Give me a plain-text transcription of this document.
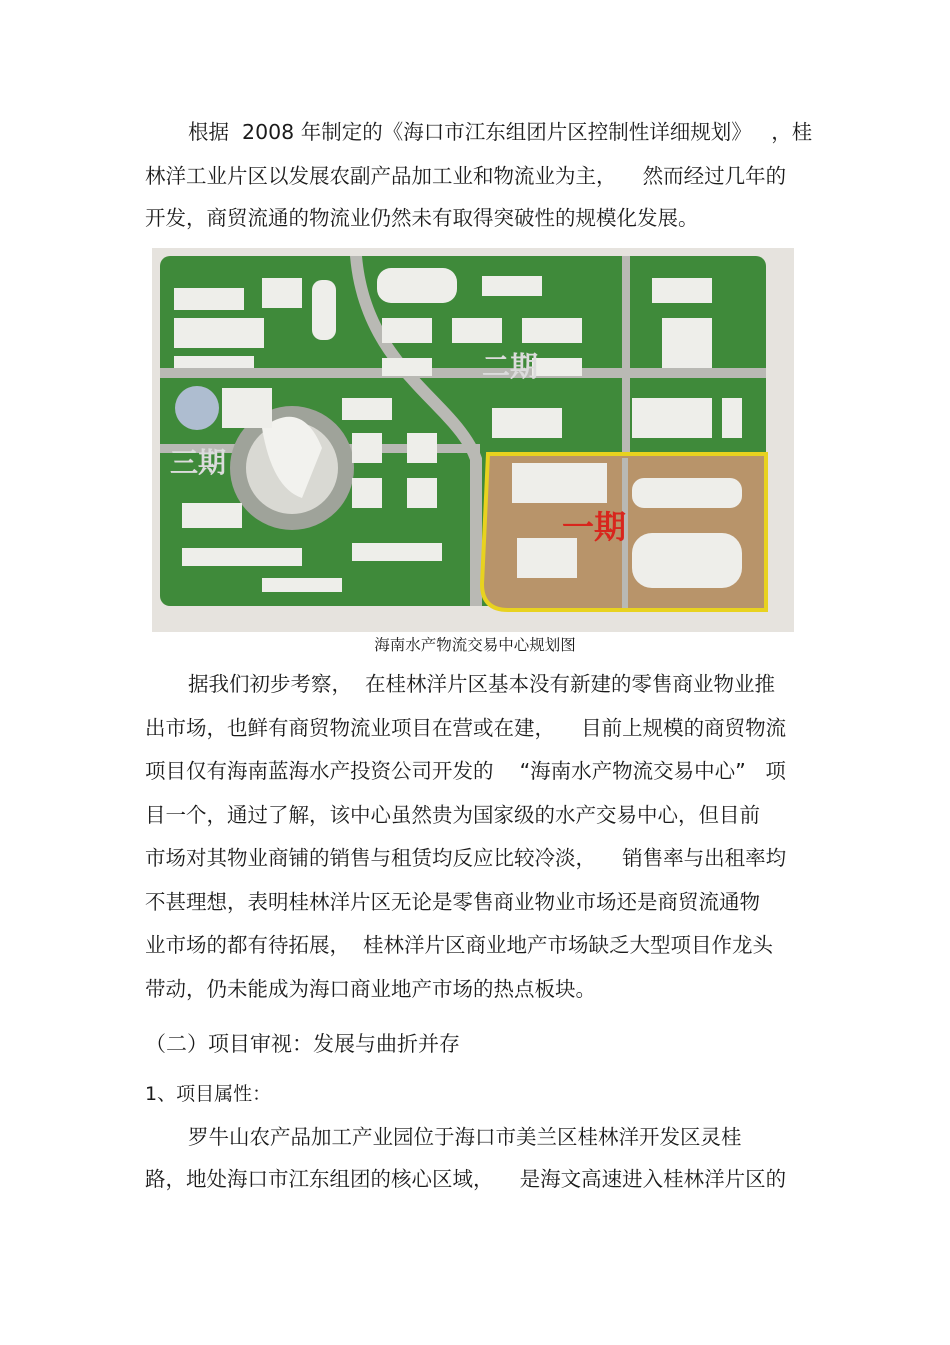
根据  2008 年制定的《海口市江东组团片区控制性详细规划》   ，桂
林洋工业片区以发展农副产品加工业和物流业为主，    然而经过几年的
开发，商贸流通的物流业仍然未有取得突破性的规模化发展。
二期
三期
一期
海南水产物流交易中心规划图
据我们初步考察，  在桂林洋片区基本没有新建的零售商业物业推
出市场，也鲜有商贸物流业项目在营或在建，    目前上规模的商贸物流
项目仅有海南蓝海水产投资公司开发的    “海南水产物流交易中心”   项
目一个，通过了解，该中心虽然贵为国家级的水产交易中心，但目前
市场对其物业商铺的销售与租赁均反应比较冷淡，    销售率与出租率均
不甚理想，表明桂林洋片区无论是零售商业物业市场还是商贸流通物
业市场的都有待拓展，  桂林洋片区商业地产市场缺乏大型项目作龙头
带动，仍未能成为海口商业地产市场的热点板块。
（二）项目审视：发展与曲折并存
1、项目属性：
罗牛山农产品加工产业园位于海口市美兰区桂林洋开发区灵桂
路，地处海口市江东组团的核心区域，    是海文高速进入桂林洋片区的
